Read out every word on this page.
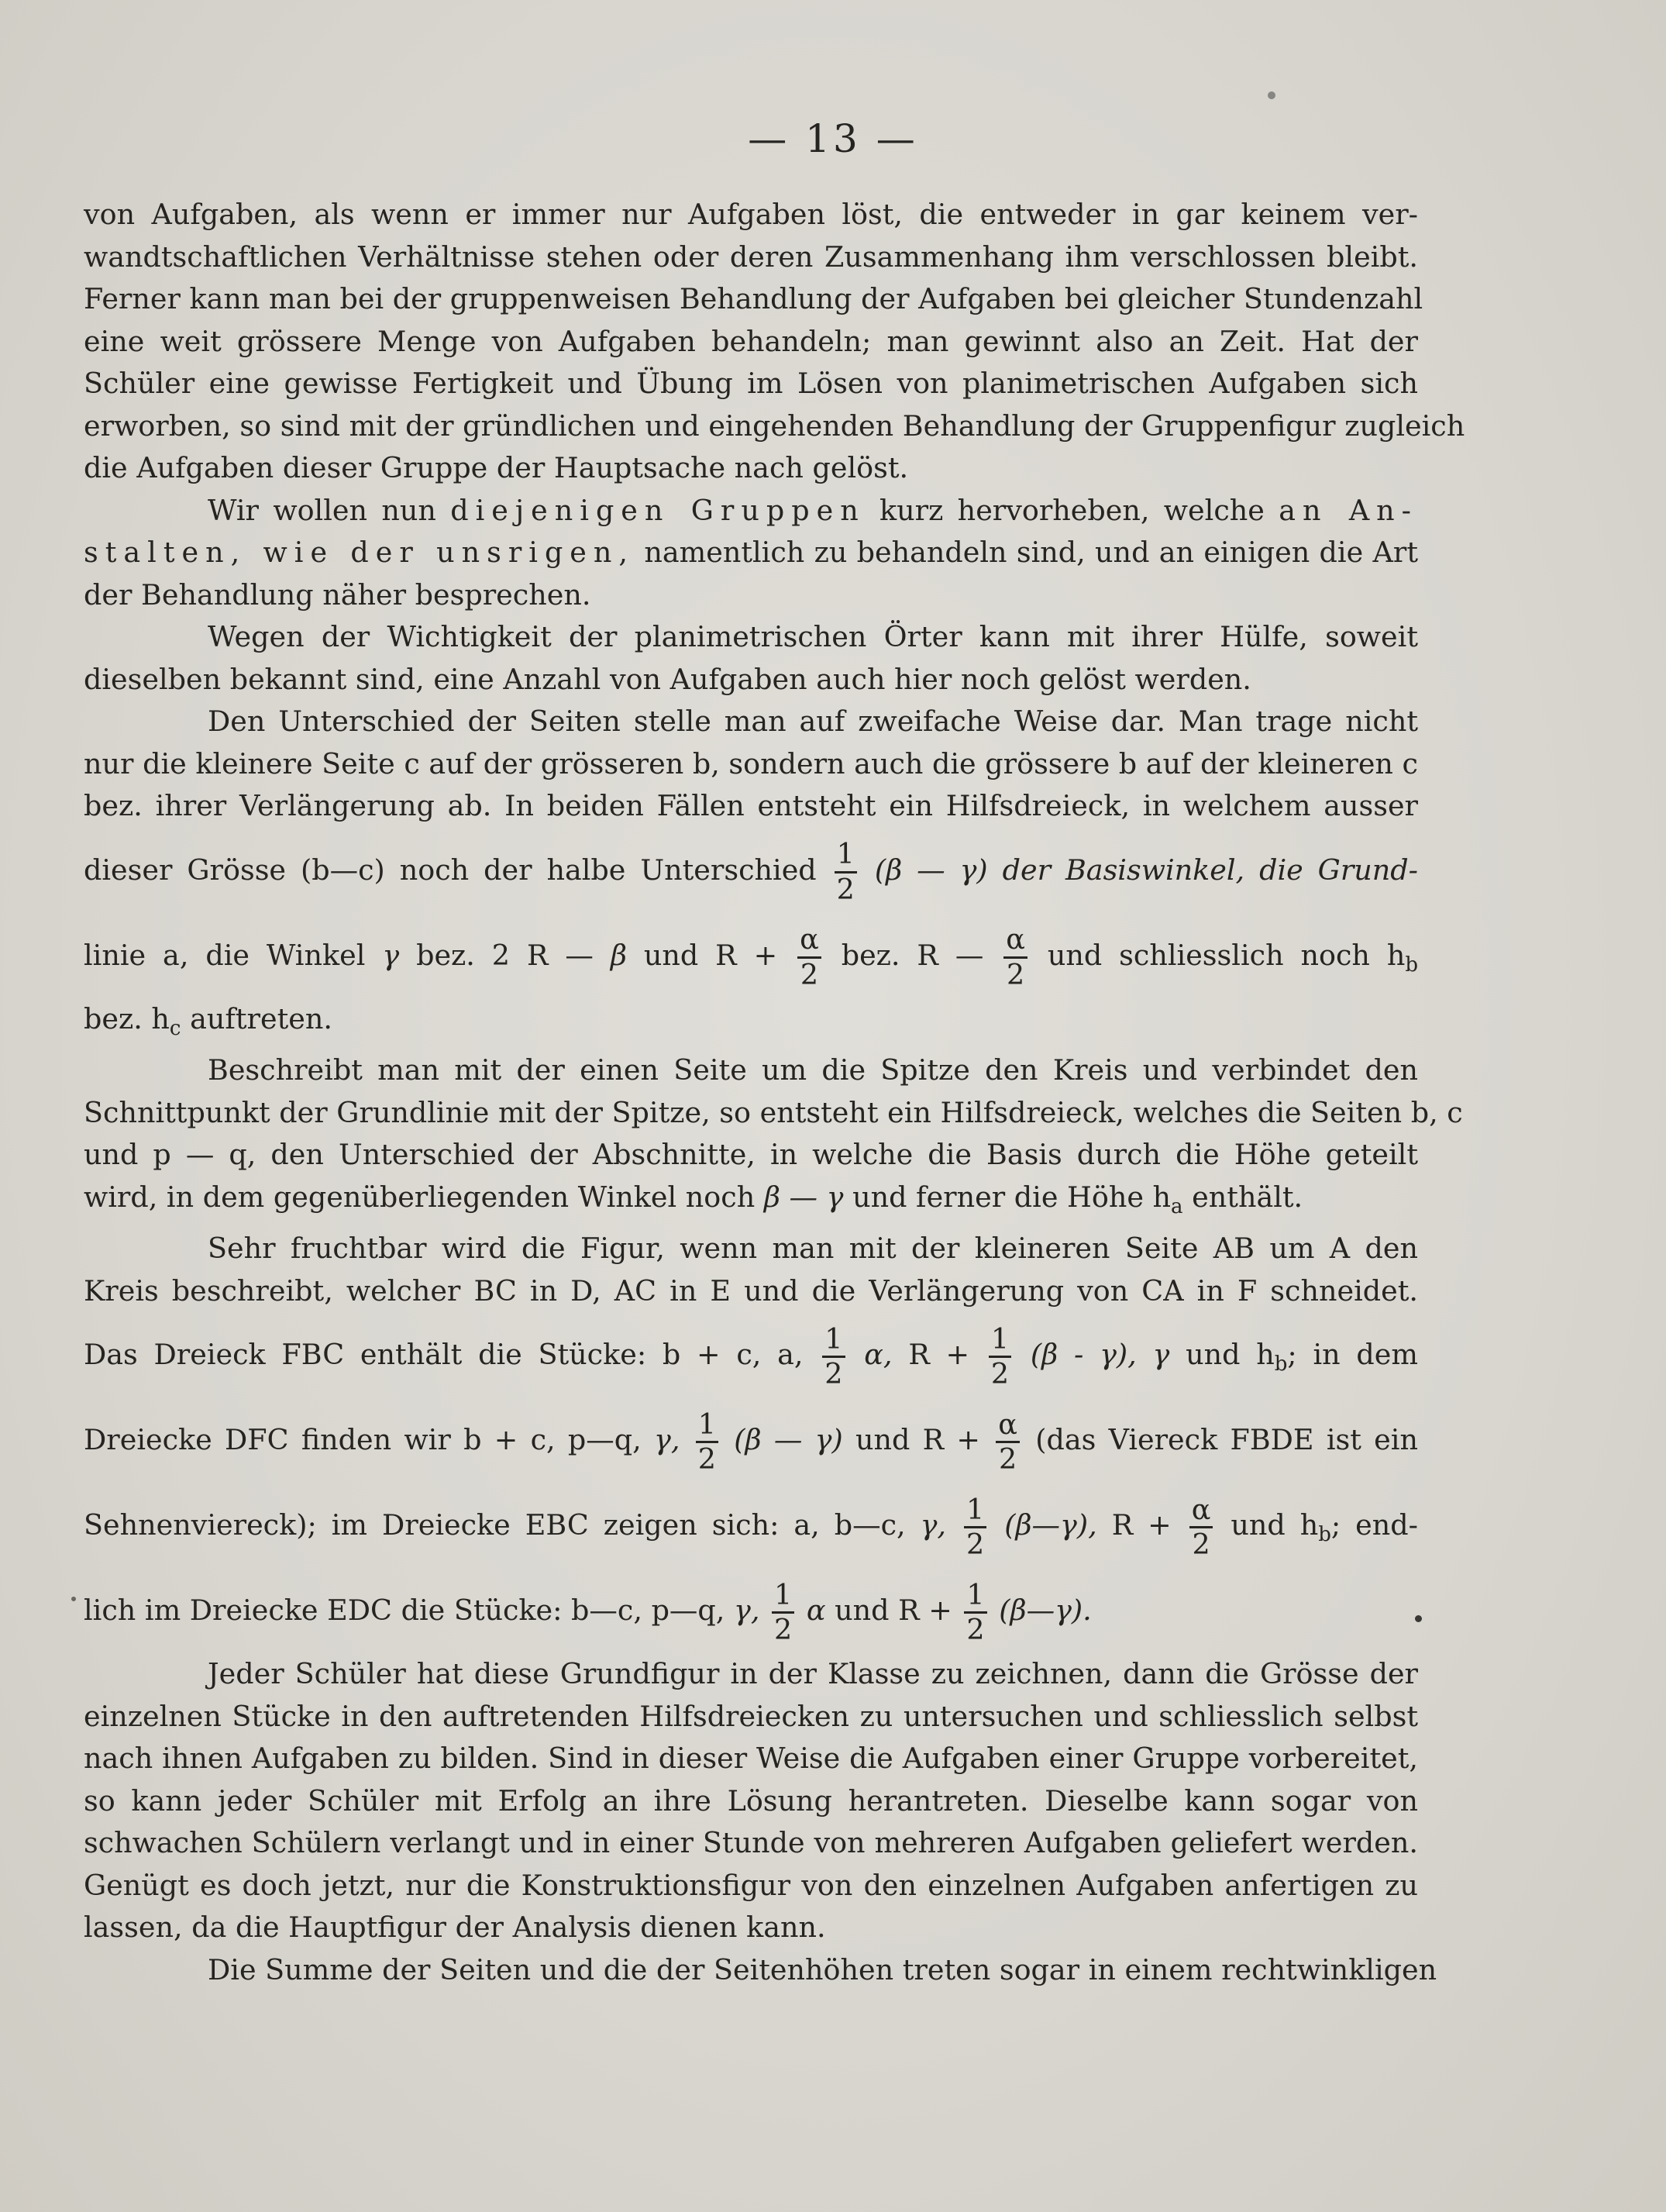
— 13 —

von Aufgaben, als wenn er immer nur Aufgaben löst, die entweder in gar keinem ver-
wandtschaftlichen Verhältnisse stehen oder deren Zusammenhang ihm verschlossen bleibt.
Ferner kann man bei der gruppenweisen Behandlung der Aufgaben bei gleicher Stundenzahl
eine weit grössere Menge von Aufgaben behandeln; man gewinnt also an Zeit. Hat der
Schüler eine gewisse Fertigkeit und Übung im Lösen von planimetrischen Aufgaben sich
erworben, so sind mit der gründlichen und eingehenden Behandlung der Gruppenfigur zugleich
die Aufgaben dieser Gruppe der Hauptsache nach gelöst.

Wir wollen nun diejenigen Gruppen kurz hervorheben, welche an An-
stalten, wie der unsrigen, namentlich zu behandeln sind, und an einigen die Art
der Behandlung näher besprechen.

Wegen der Wichtigkeit der planimetrischen Örter kann mit ihrer Hülfe, soweit
dieselben bekannt sind, eine Anzahl von Aufgaben auch hier noch gelöst werden.

Den Unterschied der Seiten stelle man auf zweifache Weise dar. Man trage nicht
nur die kleinere Seite c auf der grösseren b, sondern auch die grössere b auf der kleineren c
bez. ihrer Verlängerung ab. In beiden Fällen entsteht ein Hilfsdreieck, in welchem ausser
dieser Grösse (b—c) noch der halbe Unterschied $\frac{1}{2} (\beta$ — γ) der Basiswinkel, die Grund-
linie a, die Winkel γ bez. 2 R — β und $R + \frac{\alpha}{2}$ bez. R — $\frac{\alpha}{2}$ und schliesslich noch $h_b$
bez. $h_c$ auftreten.

Beschreibt man mit der einen Seite um die Spitze den Kreis und verbindet den
Schnittpunkt der Grundlinie mit der Spitze, so entsteht ein Hilfsdreieck, welches die Seiten b, c
und p — q, den Unterschied der Abschnitte, in welche die Basis durch die Höhe geteilt
wird, in dem gegenüberliegenden Winkel noch β — γ und ferner die Höhe $h_a$ enthält.

Sehr fruchtbar wird die Figur, wenn man mit der kleineren Seite AB um A den
Kreis beschreibt, welcher BC in D, AC in E und die Verlängerung von CA in F schneidet.
Das Dreieck FBC enthält die Stücke: b + c, a, $\frac{1}{2} \alpha$, $R + \frac{1}{2} (\beta - \gamma)$, γ und $h_b$; in dem
Dreiecke DFC finden wir b + c, p—q, γ, $\frac{1}{2} (\beta$ — γ) und $R + \frac{\alpha}{2} (das$ Viereck FBDE ist ein
Sehnenviereck); im Dreiecke EBC zeigen sich: a, b—c, γ, $\frac{1}{2}$ (β—γ), $R + \frac{\alpha}{2}$ und $h_b$; end-
lich im Dreiecke EDC die Stücke: b—c, p—q, γ, $\frac{1}{2}$ α und $R + \frac{1}{2}$ (β—γ).

Jeder Schüler hat diese Grundfigur in der Klasse zu zeichnen, dann die Grösse der
einzelnen Stücke in den auftretenden Hilfsdreiecken zu untersuchen und schliesslich selbst
nach ihnen Aufgaben zu bilden. Sind in dieser Weise die Aufgaben einer Gruppe vorbereitet,
so kann jeder Schüler mit Erfolg an ihre Lösung herantreten. Dieselbe kann sogar von
schwachen Schülern verlangt und in einer Stunde von mehreren Aufgaben geliefert werden.
Genügt es doch jetzt, nur die Konstruktionsfigur von den einzelnen Aufgaben anfertigen zu
lassen, da die Hauptfigur der Analysis dienen kann.

Die Summe der Seiten und die der Seitenhöhen treten sogar in einem rechtwinkligen
